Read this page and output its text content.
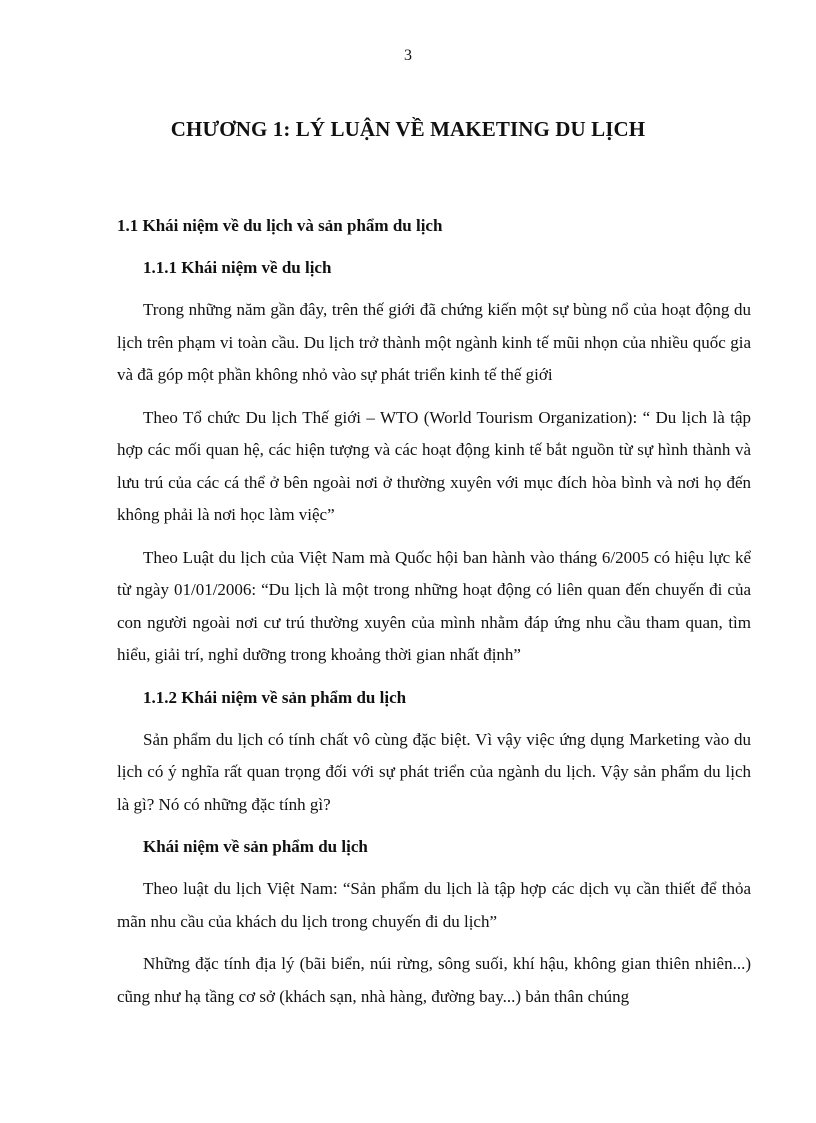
3
CHƯƠNG 1: LÝ LUẬN VỀ MAKETING DU LỊCH
1.1 Khái niệm về du lịch và sản phẩm du lịch
1.1.1 Khái niệm về du lịch

Trong những năm gần đây, trên thế giới đã chứng kiến một sự bùng nổ của hoạt động du lịch trên phạm vi toàn cầu. Du lịch trở thành một ngành kinh tế mũi nhọn của nhiều quốc gia và đã góp một phần không nhỏ vào sự phát triển kinh tế thế giới

Theo Tổ chức Du lịch Thế giới – WTO (World Tourism Organization): “ Du lịch là tập hợp các mối quan hệ, các hiện tượng và các hoạt động kinh tế bắt nguồn từ sự hình thành và lưu trú của các cá thể ở bên ngoài nơi ở thường xuyên với mục đích hòa bình và nơi họ đến không phải là nơi học làm việc”

Theo Luật du lịch của Việt Nam mà Quốc hội ban hành vào tháng 6/2005 có hiệu lực kể từ ngày 01/01/2006: “Du lịch là một trong những hoạt động có liên quan đến chuyến đi của con người ngoài nơi cư trú thường xuyên của mình nhằm đáp ứng nhu cầu tham quan, tìm hiểu, giải trí, nghỉ dưỡng trong khoảng thời gian nhất định”

1.1.2 Khái niệm về sản phẩm du lịch

Sản phẩm du lịch có tính chất vô cùng đặc biệt. Vì vậy việc ứng dụng Marketing vào du lịch có ý nghĩa rất quan trọng đối với sự phát triển của ngành du lịch. Vậy sản phẩm du lịch là gì? Nó có những đặc tính gì?

Khái niệm về sản phẩm du lịch

Theo luật du lịch Việt Nam: “Sản phẩm du lịch là tập hợp các dịch vụ cần thiết để thỏa mãn nhu cầu của khách du lịch trong chuyến đi du lịch”

Những đặc tính địa lý (bãi biển, núi rừng, sông suối, khí hậu, không gian thiên nhiên...) cũng như hạ tầng cơ sở (khách sạn, nhà hàng, đường bay...) bản thân chúng
